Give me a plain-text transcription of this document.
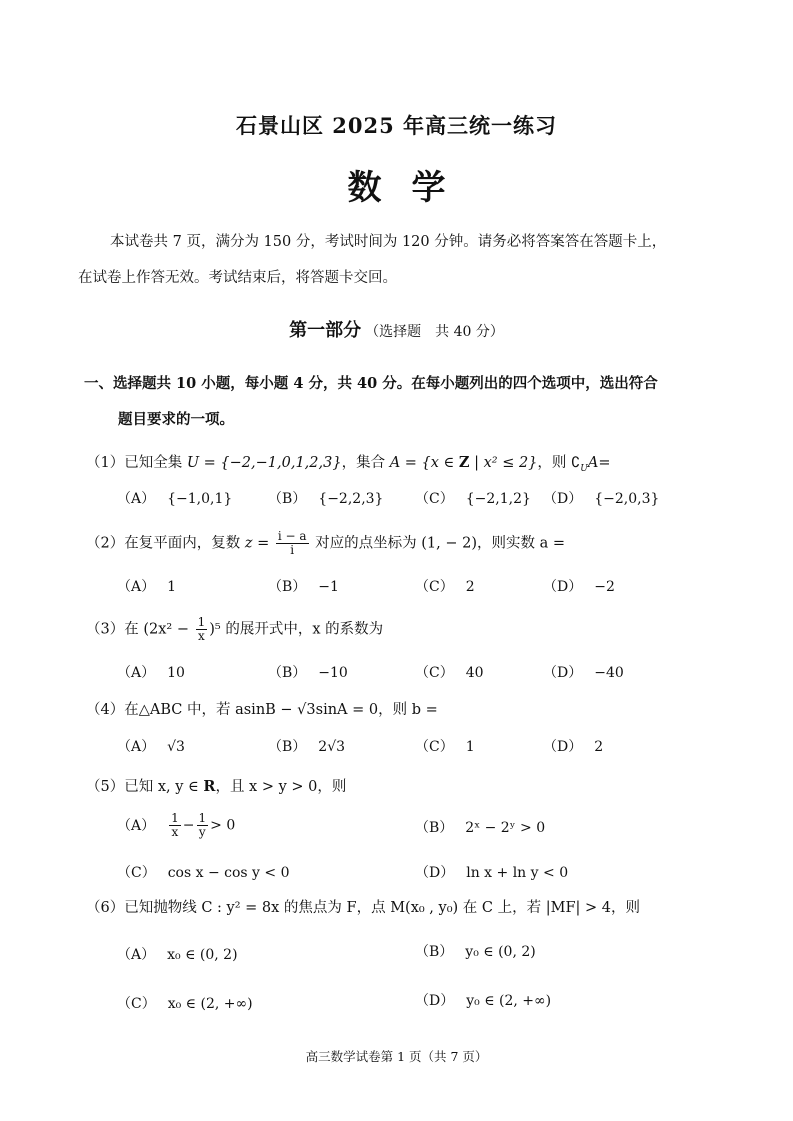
石景山区 2025 年高三统一练习
数学
本试卷共 7 页，满分为 150 分，考试时间为 120 分钟。请务必将答案答在答题卡上，
在试卷上作答无效。考试结束后，将答题卡交回。
第一部分 （选择题　共 40 分）
一、选择题共 10 小题，每小题 4 分，共 40 分。在每小题列出的四个选项中，选出符合
题目要求的一项。
（1）已知全集 U = {−2,−1,0,1,2,3}，集合 A = {x ∈ Z | x² ≤ 2}，则 $∁_UA=$
（A） {−1,0,1}	（B） {−2,2,3} （C） {−2,1,2} （D） {−2,0,3}
（2）在复平面内，复数 $z = \frac{i - a}{i}$ 对应的点坐标为 (1, − 2)，则实数 a =
（A） 1	（B） −1	（C） 2	（D） −2
（3）在 $(2x^2 - \frac{1}{x} )^5$ 的展开式中，x 的系数为
（A） 10	（B） −10	（C） 40	（D） −40
（4）在△ABC 中，若 asinB − √3sinA = 0，则 b =
（A） √3	（B） 2√3	（C） 1	（D） 2
（5）已知 x, y ∈ R，且 x > y > 0，则
$(A) \frac{1}{x} - \frac{1}{y} > 0$	（B） 2ˣ − 2ʸ > 0
（C） cos x − cos y < 0	（D） ln x + ln y < 0
（6）已知抛物线 C : y² = 8x 的焦点为 F，点 M(x₀ , y₀) 在 C 上，若 |MF| > 4，则
（A） x₀ ∈ (0, 2)	（B） y₀ ∈ (0, 2)
（C） x₀ ∈ (2, +∞)	（D） y₀ ∈ (2, +∞)
高三数学试卷第 1 页（共 7 页）
